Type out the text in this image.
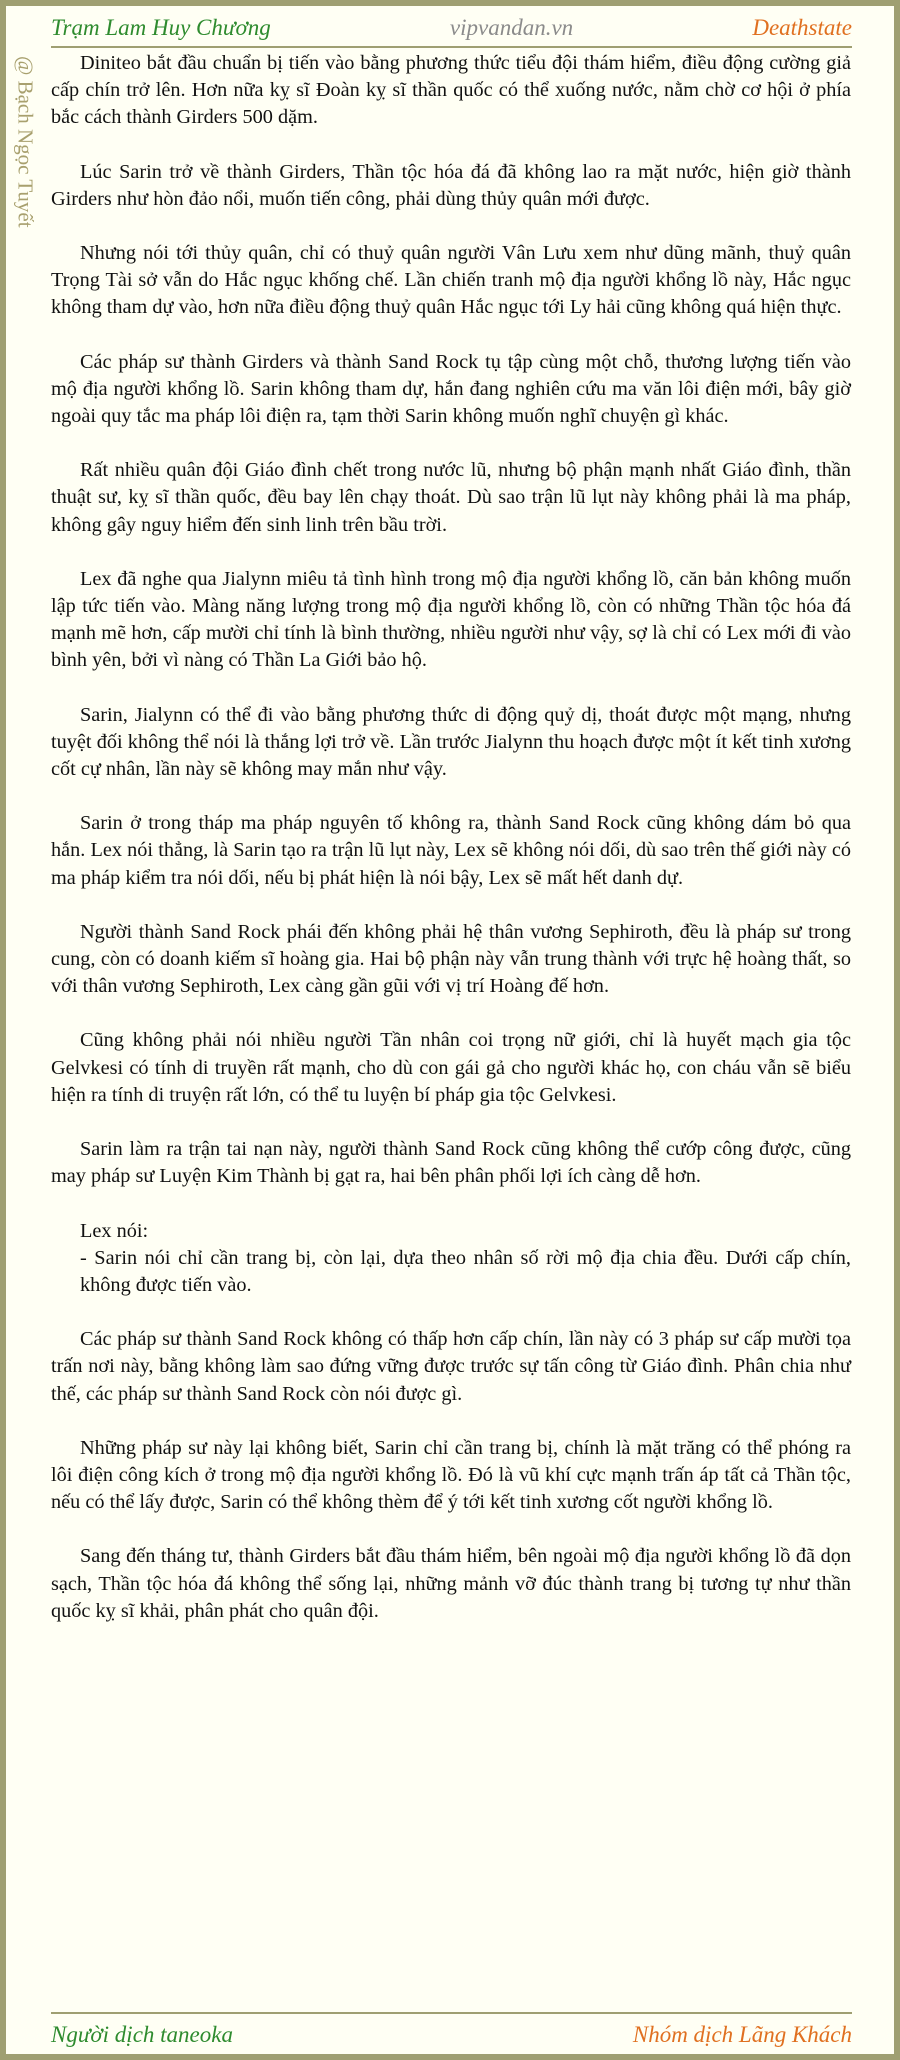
Trạm Lam Huy Chương	vipvandan.vn	Deathstate
@ Bạch Ngọc Tuyết	Diniteo bắt đầu chuẩn bị tiến vào bằng phương thức tiểu đội thám hiểm, điều động cường giả cấp chín trở lên. Hơn nữa kỵ sĩ Đoàn kỵ sĩ thần quốc có thể xuống nước, nằm chờ cơ hội ở phía bắc cách thành Girders 500 dặm.

Lúc Sarin trở về thành Girders, Thần tộc hóa đá đã không lao ra mặt nước, hiện giờ thành Girders như hòn đảo nổi, muốn tiến công, phải dùng thủy quân mới được.

Nhưng nói tới thủy quân, chỉ có thuỷ quân người Vân Lưu xem như dũng mãnh, thuỷ quân Trọng Tài sở vẫn do Hắc ngục khống chế. Lần chiến tranh mộ địa người khổng lồ này, Hắc ngục không tham dự vào, hơn nữa điều động thuỷ quân Hắc ngục tới Ly hải cũng không quá hiện thực.

Các pháp sư thành Girders và thành Sand Rock tụ tập cùng một chỗ, thương lượng tiến vào mộ địa người khổng lồ. Sarin không tham dự, hắn đang nghiên cứu ma văn lôi điện mới, bây giờ ngoài quy tắc ma pháp lôi điện ra, tạm thời Sarin không muốn nghĩ chuyện gì khác.

Rất nhiều quân đội Giáo đình chết trong nước lũ, nhưng bộ phận mạnh nhất Giáo đình, thần thuật sư, kỵ sĩ thần quốc, đều bay lên chạy thoát. Dù sao trận lũ lụt này không phải là ma pháp, không gây nguy hiểm đến sinh linh trên bầu trời.

Lex đã nghe qua Jialynn miêu tả tình hình trong mộ địa người khổng lồ, căn bản không muốn lập tức tiến vào. Màng năng lượng trong mộ địa người khổng lồ, còn có những Thần tộc hóa đá mạnh mẽ hơn, cấp mười chỉ tính là bình thường, nhiều người như vậy, sợ là chỉ có Lex mới đi vào bình yên, bởi vì nàng có Thần La Giới bảo hộ.

Sarin, Jialynn có thể đi vào bằng phương thức di động quỷ dị, thoát được một mạng, nhưng tuyệt đối không thể nói là thắng lợi trở về. Lần trước Jialynn thu hoạch được một ít kết tinh xương cốt cự nhân, lần này sẽ không may mắn như vậy.

Sarin ở trong tháp ma pháp nguyên tố không ra, thành Sand Rock cũng không dám bỏ qua hắn. Lex nói thẳng, là Sarin tạo ra trận lũ lụt này, Lex sẽ không nói dối, dù sao trên thế giới này có ma pháp kiểm tra nói dối, nếu bị phát hiện là nói bậy, Lex sẽ mất hết danh dự.

Người thành Sand Rock phái đến không phải hệ thân vương Sephiroth, đều là pháp sư trong cung, còn có doanh kiếm sĩ hoàng gia. Hai bộ phận này vẫn trung thành với trực hệ hoàng thất, so với thân vương Sephiroth, Lex càng gần gũi với vị trí Hoàng đế hơn.

Cũng không phải nói nhiều người Tần nhân coi trọng nữ giới, chỉ là huyết mạch gia tộc Gelvkesi có tính di truyền rất mạnh, cho dù con gái gả cho người khác họ, con cháu vẫn sẽ biểu hiện ra tính di truyện rất lớn, có thể tu luyện bí pháp gia tộc Gelvkesi.

Sarin làm ra trận tai nạn này, người thành Sand Rock cũng không thể cướp công được, cũng may pháp sư Luyện Kim Thành bị gạt ra, hai bên phân phối lợi ích càng dễ hơn.

Lex nói:

- Sarin nói chỉ cần trang bị, còn lại, dựa theo nhân số rời mộ địa chia đều. Dưới cấp chín, không được tiến vào.

Các pháp sư thành Sand Rock không có thấp hơn cấp chín, lần này có 3 pháp sư cấp mười tọa trấn nơi này, bằng không làm sao đứng vững được trước sự tấn công từ Giáo đình. Phân chia như thế, các pháp sư thành Sand Rock còn nói được gì.

Những pháp sư này lại không biết, Sarin chỉ cần trang bị, chính là mặt trăng có thể phóng ra lôi điện công kích ở trong mộ địa người khổng lồ. Đó là vũ khí cực mạnh trấn áp tất cả Thần tộc, nếu có thể lấy được, Sarin có thể không thèm để ý tới kết tinh xương cốt người khổng lồ.

Sang đến tháng tư, thành Girders bắt đầu thám hiểm, bên ngoài mộ địa người khổng lồ đã dọn sạch, Thần tộc hóa đá không thể sống lại, những mảnh vỡ đúc thành trang bị tương tự như thần quốc kỵ sĩ khải, phân phát cho quân đội.

Người dịch taneoka	Nhóm dịch Lãng Khách
